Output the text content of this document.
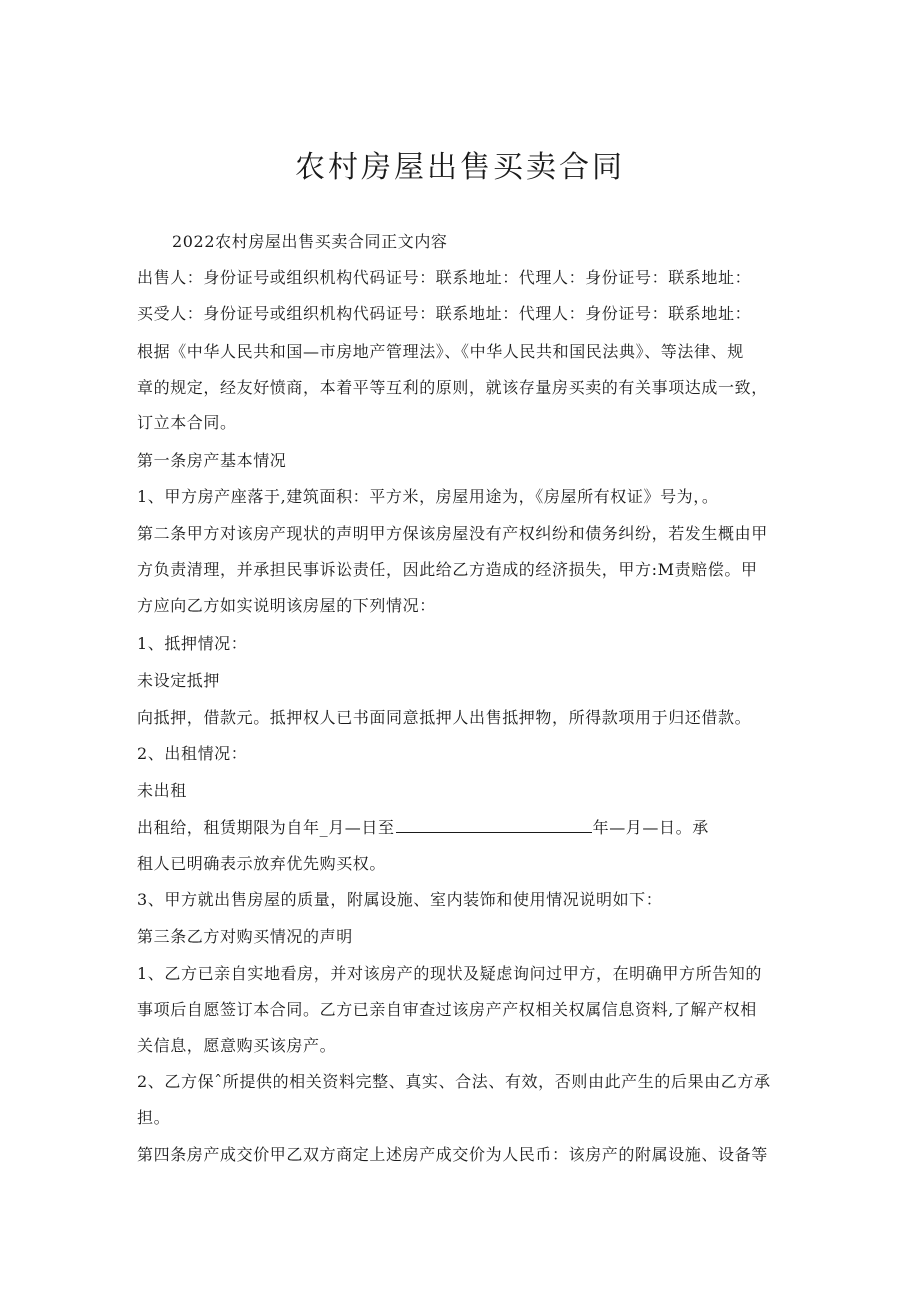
农村房屋出售买卖合同
2022农村房屋出售买卖合同正文内容
出售人：身份证号或组织机构代码证号：联系地址：代理人：身份证号：联系地址：
买受人：身份证号或组织机构代码证号：联系地址：代理人：身份证号：联系地址：
根据《中华人民共和国—市房地产管理法》、《中华人民共和国民法典》、等法律、规
章的规定，经友好愤商，本着平等互利的原则，就该存量房买卖的有关事项达成一致，
订立本合同。
第一条房产基本情况
1、甲方房产座落于,建筑面积：平方米，房屋用途为，《房屋所有权证》号为，。
第二条甲方对该房产现状的声明甲方保该房屋没有产权纠纷和债务纠纷，若发生概由甲
方负责清理，并承担民事诉讼责任，因此给乙方造成的经济损失，甲方:M责赔偿。甲
方应向乙方如实说明该房屋的下列情况：
1、抵押情况：
未设定抵押
向抵押，借款元。抵押权人已书面同意抵押人出售抵押物，所得款项用于归还借款。
2、出租情况：
未出租
出租给，租赁期限为自年_月—日至	年—月—日。承
租人已明确表示放弃优先购买权。
3、甲方就出售房屋的质量，附属设施、室内装饰和使用情况说明如下：
第三条乙方对购买情况的声明
1、乙方已亲自实地看房，并对该房产的现状及疑虑询问过甲方，在明确甲方所告知的
事项后自愿签订本合同。乙方已亲自审查过该房产产权相关权属信息资料,了解产权相
关信息，愿意购买该房产。
2、乙方保ˆ所提供的相关资料完整、真实、合法、有效，否则由此产生的后果由乙方承
担。
第四条房产成交价甲乙双方商定上述房产成交价为人民币：该房产的附属设施、设备等
